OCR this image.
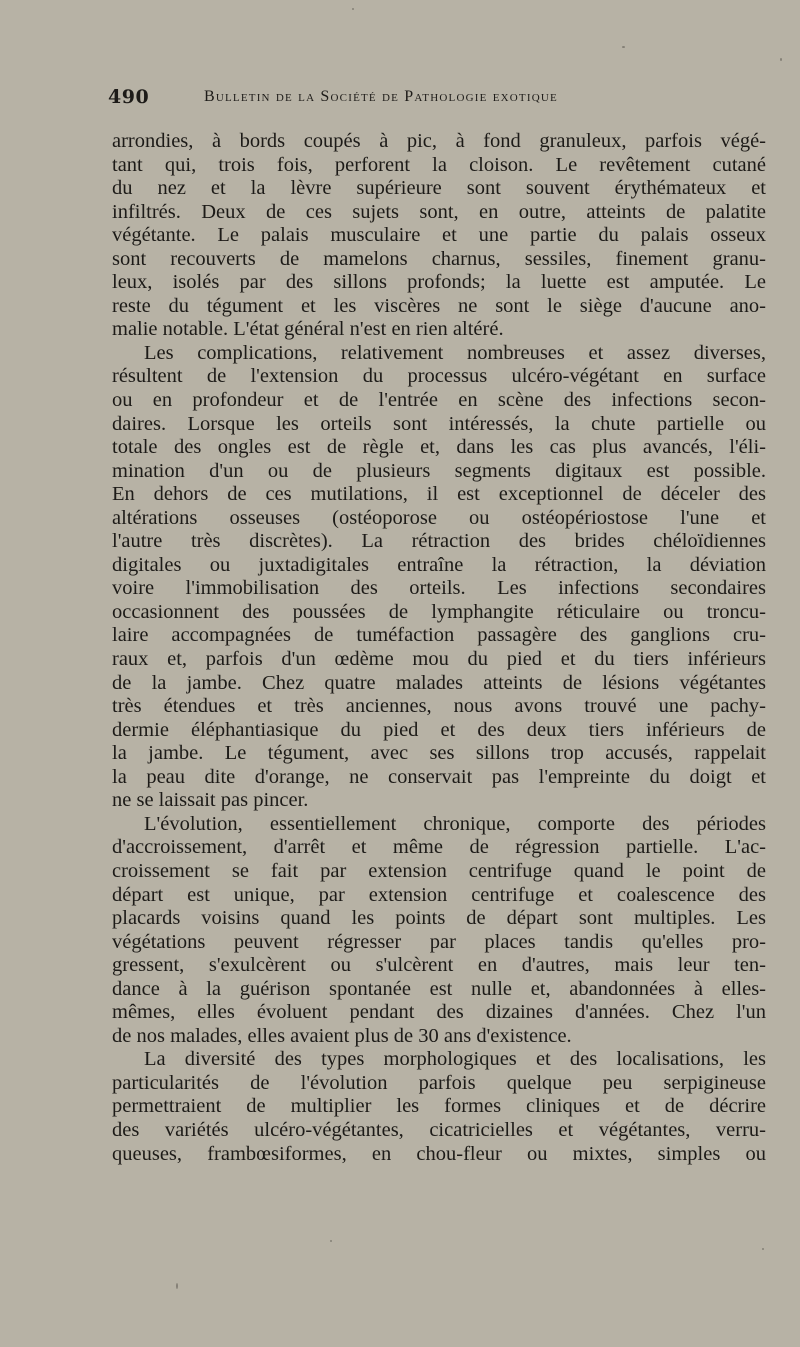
490	Bulletin de la Société de Pathologie exotique
arrondies, à bords coupés à pic, à fond granuleux, parfois végé-
tant qui, trois fois, perforent la cloison. Le revêtement cutané
du nez et la lèvre supérieure sont souvent érythémateux et
infiltrés. Deux de ces sujets sont, en outre, atteints de palatite
végétante. Le palais musculaire et une partie du palais osseux
sont recouverts de mamelons charnus, sessiles, finement granu-
leux, isolés par des sillons profonds; la luette est amputée. Le
reste du tégument et les viscères ne sont le siège d'aucune ano-
malie notable. L'état général n'est en rien altéré.
Les complications, relativement nombreuses et assez diverses,
résultent de l'extension du processus ulcéro-végétant en surface
ou en profondeur et de l'entrée en scène des infections secon-
daires. Lorsque les orteils sont intéressés, la chute partielle ou
totale des ongles est de règle et, dans les cas plus avancés, l'éli-
mination d'un ou de plusieurs segments digitaux est possible.
En dehors de ces mutilations, il est exceptionnel de déceler des
altérations osseuses (ostéoporose ou ostéopériostose l'une et
l'autre très discrètes). La rétraction des brides chéloïdiennes
digitales ou juxtadigitales entraîne la rétraction, la déviation
voire l'immobilisation des orteils. Les infections secondaires
occasionnent des poussées de lymphangite réticulaire ou troncu-
laire accompagnées de tuméfaction passagère des ganglions cru-
raux et, parfois d'un œdème mou du pied et du tiers inférieurs
de la jambe. Chez quatre malades atteints de lésions végétantes
très étendues et très anciennes, nous avons trouvé une pachy-
dermie éléphantiasique du pied et des deux tiers inférieurs de
la jambe. Le tégument, avec ses sillons trop accusés, rappelait
la peau dite d'orange, ne conservait pas l'empreinte du doigt et
ne se laissait pas pincer.
L'évolution, essentiellement chronique, comporte des périodes
d'accroissement, d'arrêt et même de régression partielle. L'ac-
croissement se fait par extension centrifuge quand le point de
départ est unique, par extension centrifuge et coalescence des
placards voisins quand les points de départ sont multiples. Les
végétations peuvent régresser par places tandis qu'elles pro-
gressent, s'exulcèrent ou s'ulcèrent en d'autres, mais leur ten-
dance à la guérison spontanée est nulle et, abandonnées à elles-
mêmes, elles évoluent pendant des dizaines d'années. Chez l'un
de nos malades, elles avaient plus de 30 ans d'existence.
La diversité des types morphologiques et des localisations, les
particularités de l'évolution parfois quelque peu serpigineuse
permettraient de multiplier les formes cliniques et de décrire
des variétés ulcéro-végétantes, cicatricielles et végétantes, verru-
queuses, frambœsiformes, en chou-fleur ou mixtes, simples ou
